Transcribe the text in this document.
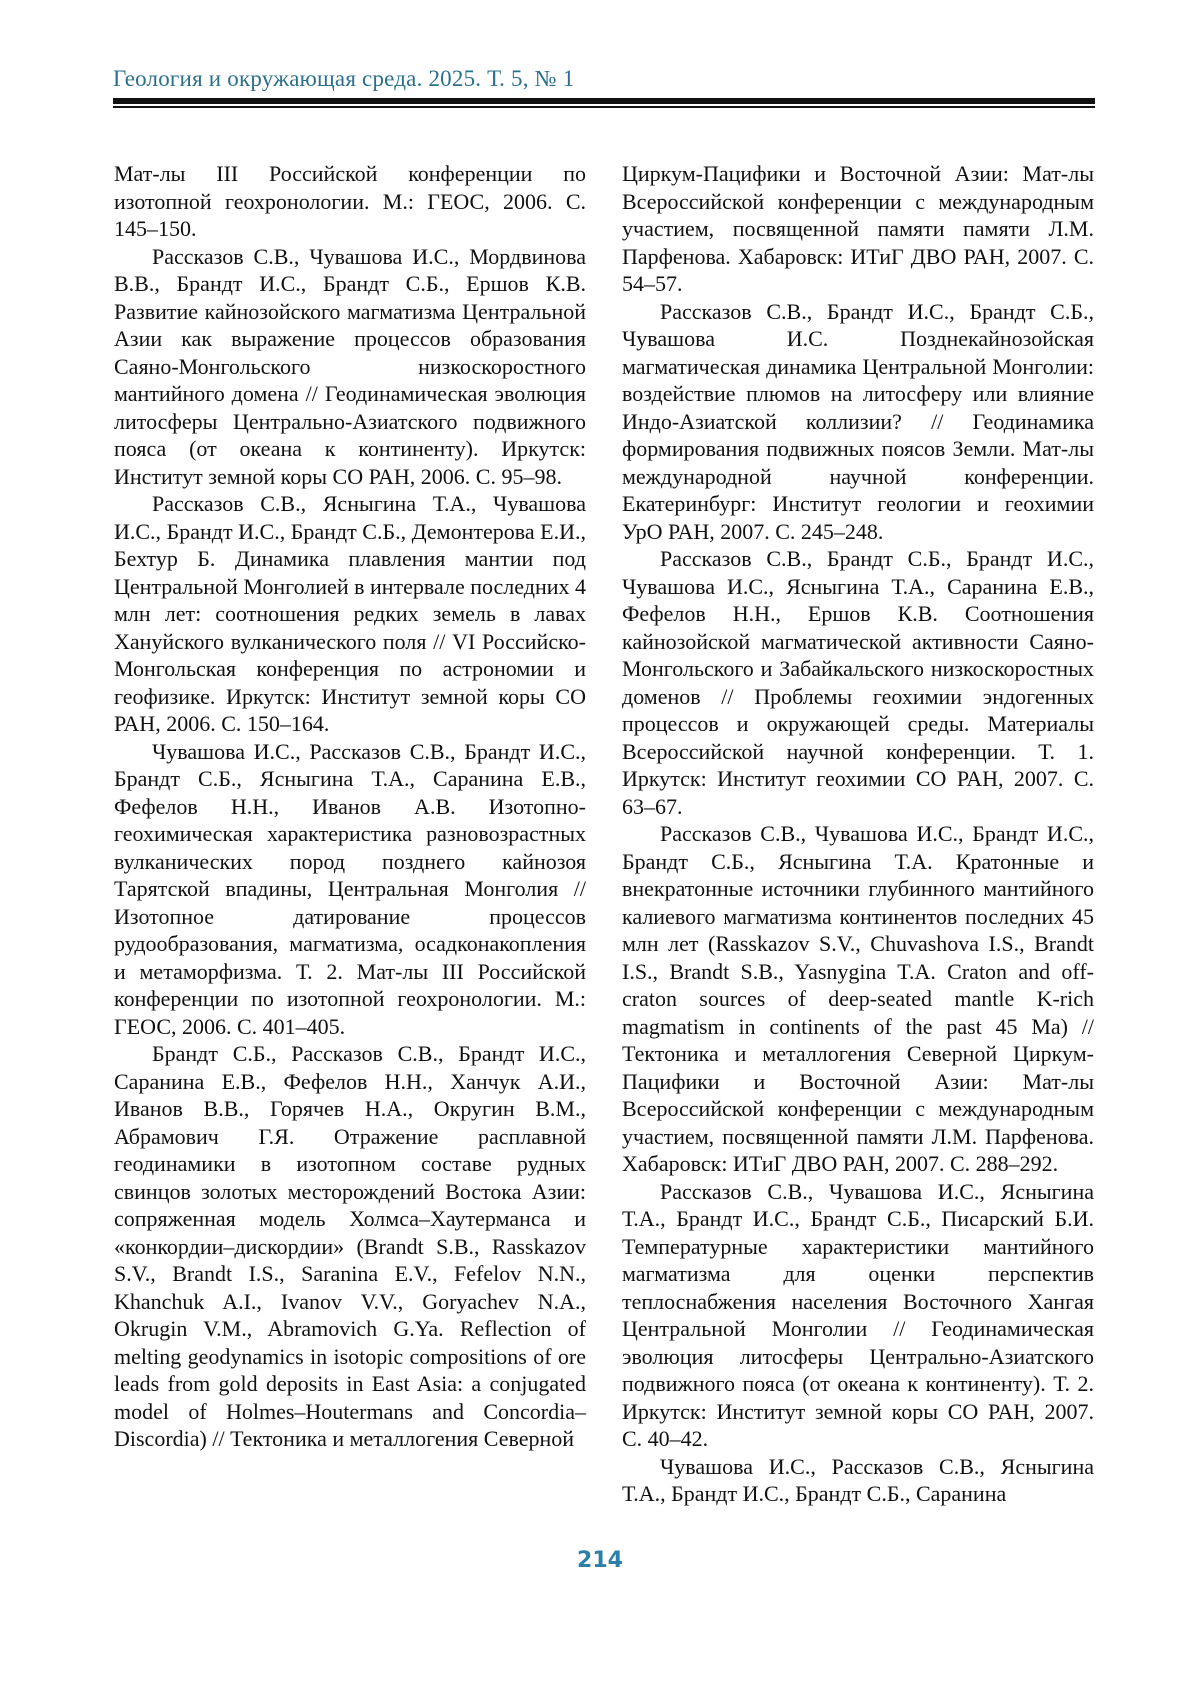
Геология и окружающая среда. 2025. Т. 5, № 1

Мат-лы III Российской конференции по изотопной геохронологии. М.: ГЕОС, 2006. С. 145–150.

Рассказов С.В., Чувашова И.С., Мордвинова В.В., Брандт И.С., Брандт С.Б., Ершов К.В. Развитие кайнозойского магматизма Центральной Азии как выражение процессов образования Саяно-Монгольского низкоскоростного мантийного домена // Геодинамическая эволюция литосферы Центрально-Азиатского подвижного пояса (от океана к континенту). Иркутск: Институт земной коры СО РАН, 2006. С. 95–98.

Рассказов С.В., Ясныгина Т.А., Чувашова И.С., Брандт И.С., Брандт С.Б., Демонтерова Е.И., Бехтур Б. Динамика плавления мантии под Центральной Монголией в интервале последних 4 млн лет: соотношения редких земель в лавах Хануйского вулканического поля // VI Российско-Монгольская конференция по астрономии и геофизике. Иркутск: Институт земной коры СО РАН, 2006. С. 150–164.

Чувашова И.С., Рассказов С.В., Брандт И.С., Брандт С.Б., Ясныгина Т.А., Саранина Е.В., Фефелов Н.Н., Иванов А.В. Изотопно-геохимическая характеристика разновозрастных вулканических пород позднего кайнозоя Тарятской впадины, Центральная Монголия // Изотопное датирование процессов рудообразования, магматизма, осадконакопления и метаморфизма. Т. 2. Мат-лы III Российской конференции по изотопной геохронологии. М.: ГЕОС, 2006. С. 401–405.

Брандт С.Б., Рассказов С.В., Брандт И.С., Саранина Е.В., Фефелов Н.Н., Ханчук А.И., Иванов В.В., Горячев Н.А., Округин В.М., Абрамович Г.Я. Отражение расплавной геодинамики в изотопном составе рудных свинцов золотых месторождений Востока Азии: сопряженная модель Холмса–Хаутерманса и «конкордии–дискордии» (Brandt S.B., Rasskazov S.V., Brandt I.S., Saranina E.V., Fefelov N.N., Khanchuk A.I., Ivanov V.V., Goryachev N.A., Okrugin V.M., Abramovich G.Ya. Reflection of melting geodynamics in isotopic compositions of ore leads from gold deposits in East Asia: a conjugated model of Holmes–Houtermans and Concordia–Discordia) // Тектоника и металлогения Северной

Циркум-Пацифики и Восточной Азии: Мат-лы Всероссийской конференции с международным участием, посвященной памяти памяти Л.М. Парфенова. Хабаровск: ИТиГ ДВО РАН, 2007. С. 54–57.

Рассказов С.В., Брандт И.С., Брандт С.Б., Чувашова И.С. Позднекайнозойская магматическая динамика Центральной Монголии: воздействие плюмов на литосферу или влияние Индо-Азиатской коллизии? // Геодинамика формирования подвижных поясов Земли. Мат-лы международной научной конференции. Екатеринбург: Институт геологии и геохимии УрО РАН, 2007. С. 245–248.

Рассказов С.В., Брандт С.Б., Брандт И.С., Чувашова И.С., Ясныгина Т.А., Саранина Е.В., Фефелов Н.Н., Ершов К.В. Соотношения кайнозойской магматической активности Саяно-Монгольского и Забайкальского низкоскоростных доменов // Проблемы геохимии эндогенных процессов и окружающей среды. Материалы Всероссийской научной конференции. Т. 1. Иркутск: Институт геохимии СО РАН, 2007. С. 63–67.

Рассказов С.В., Чувашова И.С., Брандт И.С., Брандт С.Б., Ясныгина Т.А. Кратонные и внекратонные источники глубинного мантийного калиевого магматизма континентов последних 45 млн лет (Rasskazov S.V., Chuvashova I.S., Brandt I.S., Brandt S.B., Yasnygina T.A. Craton and off-craton sources of deep-seated mantle K-rich magmatism in continents of the past 45 Ma) // Тектоника и металлогения Северной Циркум-Пацифики и Восточной Азии: Мат-лы Всероссийской конференции с международным участием, посвященной памяти Л.М. Парфенова. Хабаровск: ИТиГ ДВО РАН, 2007. С. 288–292.

Рассказов С.В., Чувашова И.С., Ясныгина Т.А., Брандт И.С., Брандт С.Б., Писарский Б.И. Температурные характеристики мантийного магматизма для оценки перспектив теплоснабжения населения Восточного Хангая Центральной Монголии // Геодинамическая эволюция литосферы Центрально-Азиатского подвижного пояса (от океана к континенту). Т. 2. Иркутск: Институт земной коры СО РАН, 2007. С. 40–42.

Чувашова И.С., Рассказов С.В., Ясныгина Т.А., Брандт И.С., Брандт С.Б., Саранина

214
